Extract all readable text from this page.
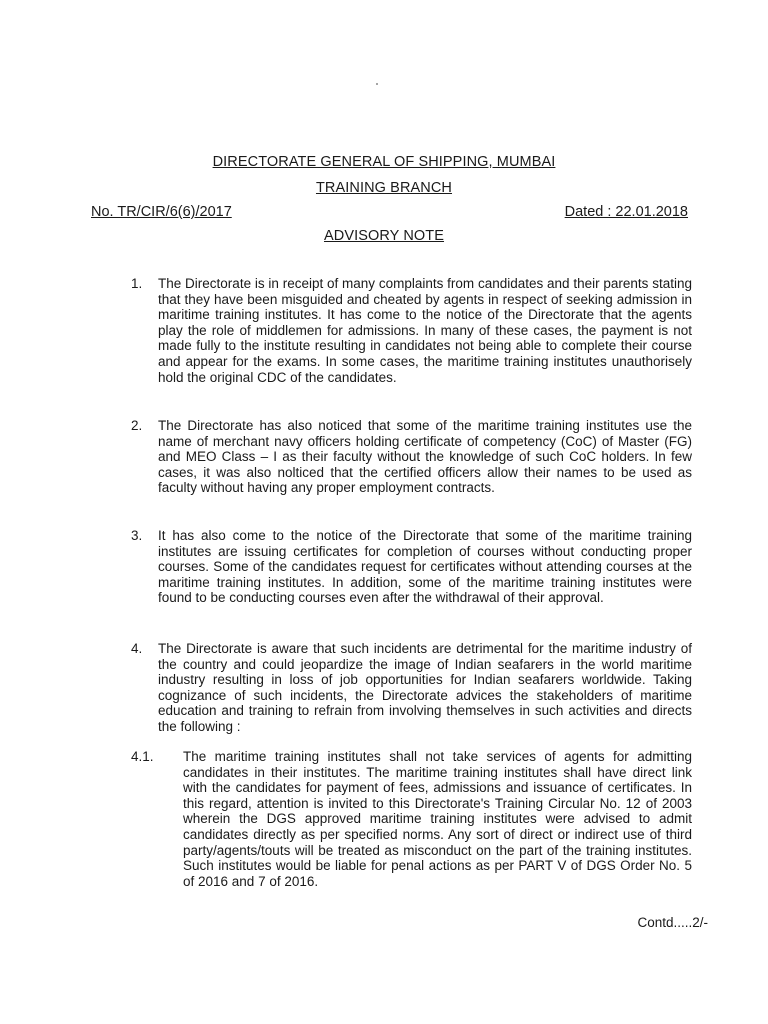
DIRECTORATE GENERAL OF SHIPPING, MUMBAI
TRAINING BRANCH
No. TR/CIR/6(6)/2017	Dated : 22.01.2018
ADVISORY NOTE
1. The Directorate is in receipt of many complaints from candidates and their parents stating that they have been misguided and cheated by agents in respect of seeking admission in maritime training institutes. It has come to the notice of the Directorate that the agents play the role of middlemen for admissions. In many of these cases, the payment is not made fully to the institute resulting in candidates not being able to complete their course and appear for the exams. In some cases, the maritime training institutes unauthorisely hold the original CDC of the candidates.
2. The Directorate has also noticed that some of the maritime training institutes use the name of merchant navy officers holding certificate of competency (CoC) of Master (FG) and MEO Class – I as their faculty without the knowledge of such CoC holders. In few cases, it was also nolticed that the certified officers allow their names to be used as faculty without having any proper employment contracts.
3. It has also come to the notice of the Directorate that some of the maritime training institutes are issuing certificates for completion of courses without conducting proper courses. Some of the candidates request for certificates without attending courses at the maritime training institutes. In addition, some of the maritime training institutes were found to be conducting courses even after the withdrawal of their approval.
4. The Directorate is aware that such incidents are detrimental for the maritime industry of the country and could jeopardize the image of Indian seafarers in the world maritime industry resulting in loss of job opportunities for Indian seafarers worldwide. Taking cognizance of such incidents, the Directorate advices the stakeholders of maritime education and training to refrain from involving themselves in such activities and directs the following :
4.1. The maritime training institutes shall not take services of agents for admitting candidates in their institutes. The maritime training institutes shall have direct link with the candidates for payment of fees, admissions and issuance of certificates. In this regard, attention is invited to this Directorate's Training Circular No. 12 of 2003 wherein the DGS approved maritime training institutes were advised to admit candidates directly as per specified norms. Any sort of direct or indirect use of third party/agents/touts will be treated as misconduct on the part of the training institutes. Such institutes would be liable for penal actions as per PART V of DGS Order No. 5 of 2016 and 7 of 2016.
Contd.....2/-
